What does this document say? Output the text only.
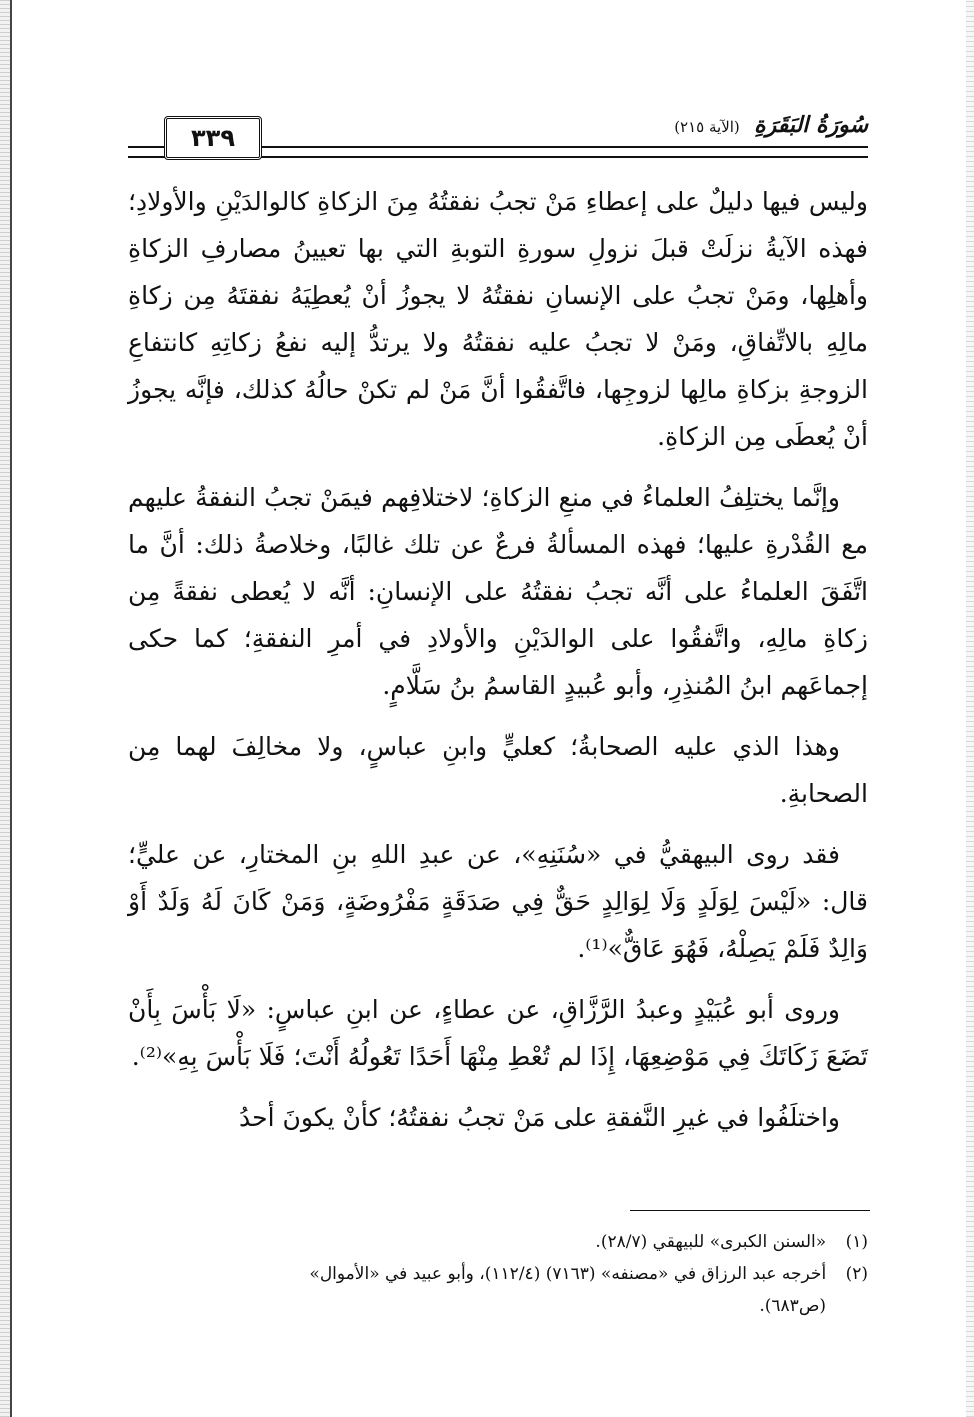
٣٣٩	سُورَةُ البَقَرَةِ (الآية ٢١٥)

وليس فيها دليلٌ على إعطاءِ مَنْ تجبُ نفقتُهُ مِنَ الزكاةِ كالوالدَيْنِ والأولادِ؛ فهذه الآيةُ نزلَتْ قبلَ نزولِ سورةِ التوبةِ التي بها تعيينُ مصارفِ الزكاةِ وأهلِها، ومَنْ تجبُ على الإنسانِ نفقتُهُ لا يجوزُ أنْ يُعطِيَهُ نفقتَهُ مِن زكاةِ مالِهِ بالاتِّفاقِ، ومَنْ لا تجبُ عليه نفقتُهُ ولا يرتدُّ إليه نفعُ زكاتِهِ كانتفاعِ الزوجةِ بزكاةِ مالِها لزوجِها، فاتَّفقُوا أنَّ مَنْ لم تكنْ حالُهُ كذلك، فإنَّه يجوزُ أنْ يُعطَى مِن الزكاةِ.

وإنَّما يختلِفُ العلماءُ في منعِ الزكاةِ؛ لاختلافِهم فيمَنْ تجبُ النفقةُ عليهم مع القُدْرةِ عليها؛ فهذه المسألةُ فرعٌ عن تلك غالبًا، وخلاصةُ ذلك: أنَّ ما اتَّفَقَ العلماءُ على أنَّه تجبُ نفقتُهُ على الإنسانِ: أنَّه لا يُعطى نفقةً مِن زكاةِ مالِهِ، واتَّفقُوا على الوالدَيْنِ والأولادِ في أمرِ النفقةِ؛ كما حكى إجماعَهم ابنُ المُنذِرِ، وأبو عُبيدٍ القاسمُ بنُ سَلَّامٍ.

وهذا الذي عليه الصحابةُ؛ كعليٍّ وابنِ عباسٍ، ولا مخالِفَ لهما مِن الصحابةِ.

فقد روى البيهقيُّ في «سُنَنِهِ»، عن عبدِ اللهِ بنِ المختارِ، عن عليٍّ؛ قال: «لَيْسَ لِوَلَدٍ وَلَا لِوَالِدٍ حَقٌّ فِي صَدَقَةٍ مَفْرُوضَةٍ، وَمَنْ كَانَ لَهُ وَلَدٌ أَوْ وَالِدٌ فَلَمْ يَصِلْهُ، فَهُوَ عَاقٌّ»⁽¹⁾.

وروى أبو عُبَيْدٍ وعبدُ الرَّزَّاقِ، عن عطاءٍ، عن ابنِ عباسٍ: «لَا بَأْسَ بِأَنْ تَضَعَ زَكَاتَكَ فِي مَوْضِعِهَا، إِذَا لم تُعْطِ مِنْهَا أَحَدًا تَعُولُهُ أَنْتَ؛ فَلَا بَأْسَ بِهِ»⁽²⁾.

واختلَفُوا في غيرِ النَّفقةِ على مَنْ تجبُ نفقتُهُ؛ كأنْ يكونَ أحدُ

(١) «السنن الكبرى» للبيهقي (٢٨/٧).

(٢) أخرجه عبد الرزاق في «مصنفه» (٧١٦٣) (١١٢/٤)، وأبو عبيد في «الأموال»

(ص٦٨٣).
